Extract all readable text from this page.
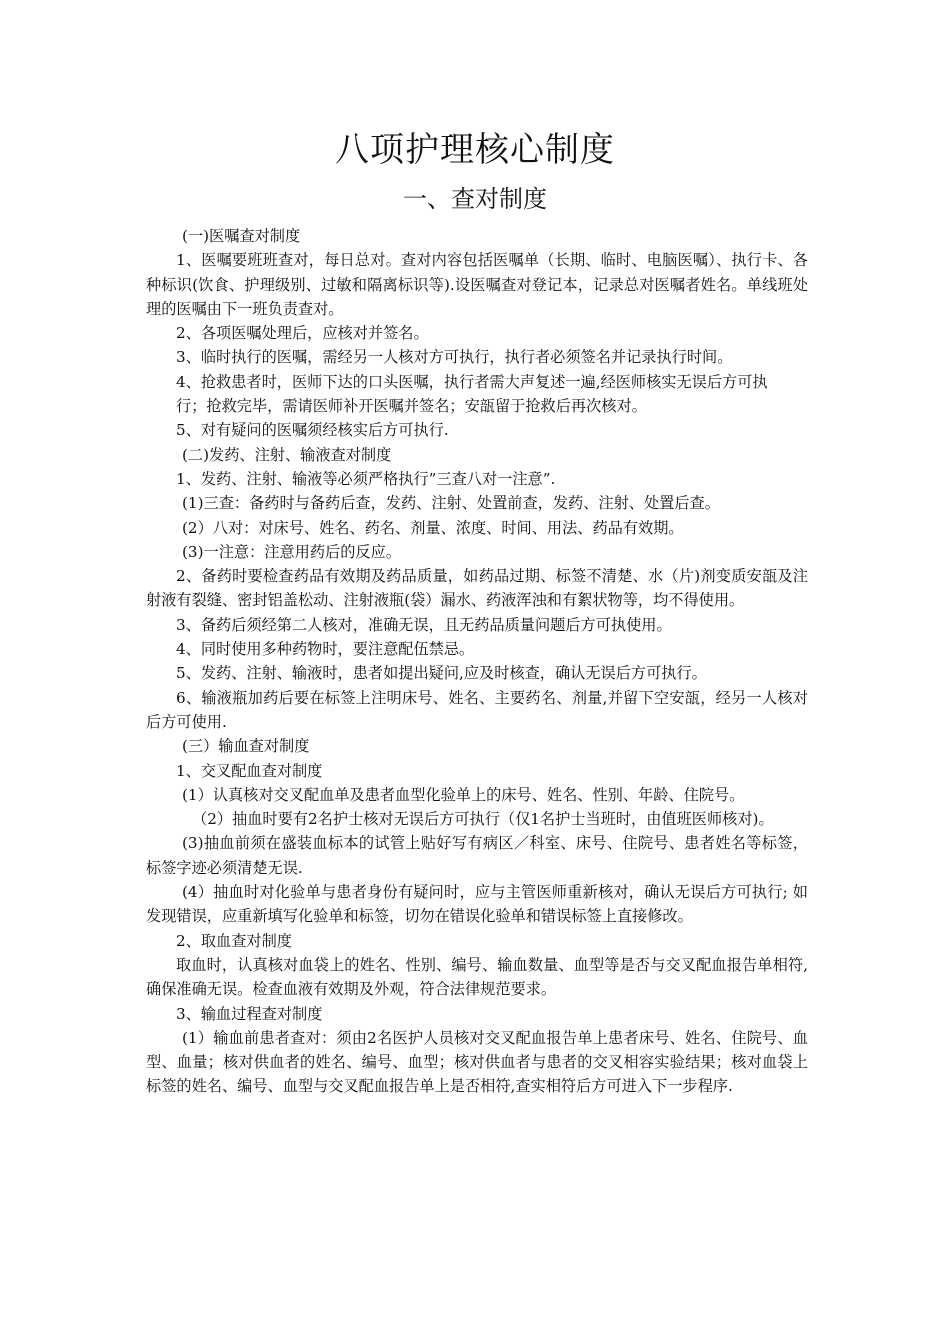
八项护理核心制度
一、查对制度

(一)医嘱查对制度

1、医嘱要班班查对，每日总对。查对内容包括医嘱单（长期、临时、电脑医嘱）、执行卡、各种标识(饮食、护理级别、过敏和隔离标识等).设医嘱查对登记本，记录总对医嘱者姓名。单线班处理的医嘱由下一班负责查对。

2、各项医嘱处理后，应核对并签名。

3、临时执行的医嘱，需经另一人核对方可执行，执行者必须签名并记录执行时间。

4、抢救患者时，医师下达的口头医嘱，执行者需大声复述一遍,经医师核实无误后方可执

行；抢救完毕，需请医师补开医嘱并签名；安瓿留于抢救后再次核对。

5、对有疑问的医嘱须经核实后方可执行.

(二)发药、注射、输液查对制度

1、发药、注射、输液等必须严格执行”三查八对一注意”.

(1)三查：备药时与备药后查，发药、注射、处置前查，发药、注射、处置后查。

(2）八对：对床号、姓名、药名、剂量、浓度、时间、用法、药品有效期。

(3)一注意：注意用药后的反应。

2、备药时要检查药品有效期及药品质量，如药品过期、标签不清楚、水（片)剂变质安瓿及注射液有裂缝、密封铝盖松动、注射液瓶(袋）漏水、药液浑浊和有絮状物等，均不得使用。

3、备药后须经第二人核对，准确无误，且无药品质量问题后方可执使用。

4、同时使用多种药物时，要注意配伍禁忌。

5、发药、注射、输液时，患者如提出疑问,应及时核查，确认无误后方可执行。

6、输液瓶加药后要在标签上注明床号、姓名、主要药名、剂量,并留下空安瓿，经另一人核对后方可使用.

(三）输血查对制度

1、交叉配血查对制度

(1）认真核对交叉配血单及患者血型化验单上的床号、姓名、性别、年龄、住院号。

（2）抽血时要有2名护士核对无误后方可执行（仅1名护士当班时，由值班医师核对)。

(3)抽血前须在盛装血标本的试管上贴好写有病区／科室、床号、住院号、患者姓名等标签，标签字迹必须清楚无误.

(4）抽血时对化验单与患者身份有疑问时，应与主管医师重新核对，确认无误后方可执行; 如发现错误，应重新填写化验单和标签，切勿在错误化验单和错误标签上直接修改。

2、取血查对制度

取血时，认真核对血袋上的姓名、性别、编号、输血数量、血型等是否与交叉配血报告单相符,确保准确无误。检查血液有效期及外观，符合法律规范要求。

3、输血过程查对制度

(1）输血前患者查对：须由2名医护人员核对交叉配血报告单上患者床号、姓名、住院号、血型、血量；核对供血者的姓名、编号、血型；核对供血者与患者的交叉相容实验结果；核对血袋上标签的姓名、编号、血型与交叉配血报告单上是否相符,查实相符后方可进入下一步程序.
